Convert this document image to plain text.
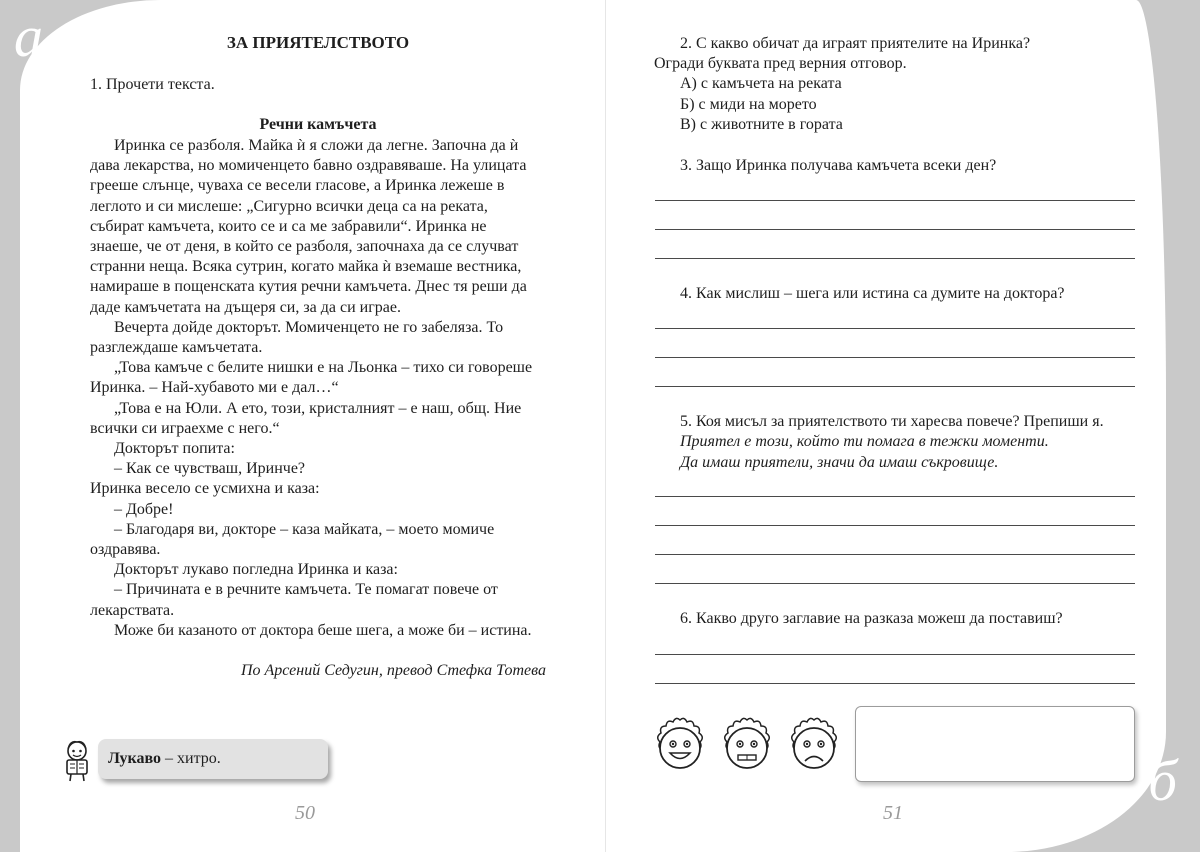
а
б
ЗА ПРИЯТЕЛСТВОТО
1. Прочети текста.
Речни камъчета

Иринка се разболя. Майка ѝ я сложи да легне. Започна да ѝ

дава лекарства, но момиченцето бавно оздравяваше. На улицата

грееше слънце, чуваха се весели гласове, а Иринка лежеше в

леглото и си мислеше: „Сигурно всички деца са на реката,

събират камъчета, които се и са ме забравили“. Иринка не

знаеше, че от деня, в който се разболя, започнаха да се случват

странни неща. Всяка сутрин, когато майка ѝ вземаше вестника,

намираше в пощенската кутия речни камъчета. Днес тя реши да

даде камъчетата на дъщеря си, за да си играе.

Вечерта дойде докторът. Момиченцето не го забеляза. То

разглеждаше камъчетата.

„Това камъче с белите нишки е на Льонка – тихо си говореше

Иринка. – Най-хубавото ми е дал…“

„Това е на Юли. А ето, този, кристалният – е наш, общ. Ние

всички си играехме с него.“

Докторът попита:

– Как се чувстваш, Иринче?

Иринка весело се усмихна и каза:

– Добре!

– Благодаря ви, докторе – каза майката, – моето момиче

оздравява.

Докторът лукаво погледна Иринка и каза:

– Причината е в речните камъчета. Те помагат повече от

лекарствата.

Може би казаното от доктора беше шега, а може би – истина.

По Арсений Седугин, превод Стефка Тотева
Лукаво – хитро.
50
2. С какво обичат да играят приятелите на Иринка?
Огради буквата пред верния отговор.
А) с камъчета на реката
Б) с миди на морето
В) с животните в гората
3. Защо Иринка получава камъчета всеки ден?
4. Как мислиш – шега или истина са думите на доктора?
5. Коя мисъл за приятелството ти харесва повече? Препиши я.
Приятел е този, който ти помага в тежки моменти.
Да имаш приятели, значи да имаш съкровище.
6. Какво друго заглавие на разказа можеш да поставиш?
51
